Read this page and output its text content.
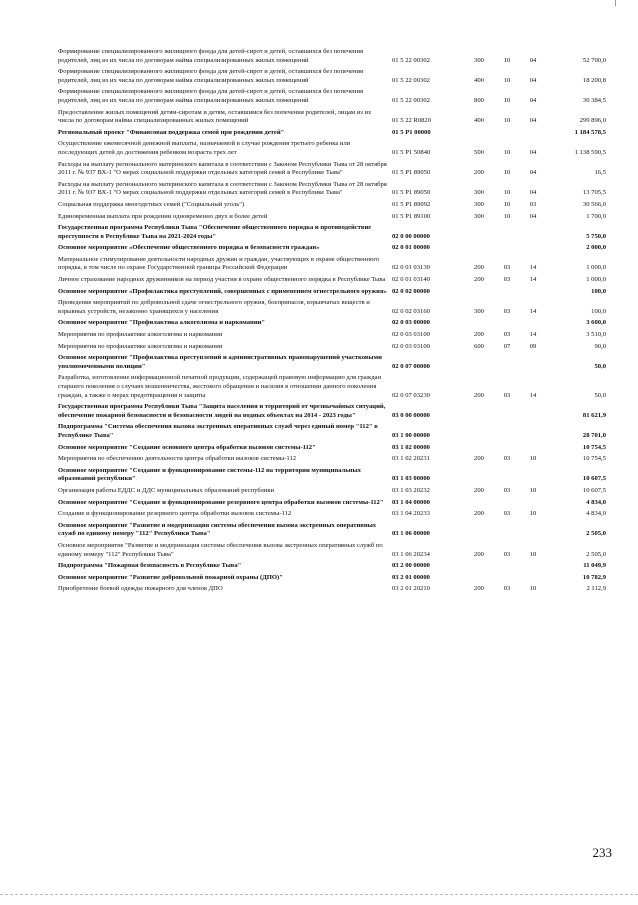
Формирование специализированного жилищного фонда для детей-сирот и детей, оставшихся без попечения родителей, лиц из их числа по договорам найма специализированных жилых помещений	01 5 22 00302	300	10	04	52 700,0
Формирование специализированного жилищного фонда для детей-сирот и детей, оставшихся без попечения родителей, лиц из их числа по договорам найма специализированных жилых помещений	01 5 22 00302	400	10	04	18 200,8
Формирование специализированного жилищного фонда для детей-сирот и детей, оставшихся без попечения родителей, лиц из их числа по договорам найма специализированных жилых помещений	01 5 22 00302	800	10	04	30 384,5
Предоставление жилых помещений детям-сиротам и детям, оставшимся без попечения родителей, лицам из их числа по договорам найма специализированных жилых помещений	01 5 22 R0820	400	10	04	299 896,0
Региональный проект "Финансовая поддержка семей при рождении детей"	01 5 P1 00000	1 184 578,5
Осуществление ежемесячной денежной выплаты, назначаемой в случае рождения третьего ребенка или последующих детей до достижения ребенком возраста трех лет	01 5 P1 50840	500	10	04	1 138 590,5
Расходы на выплату регионального материнского капитала в соответствии с Законом Республики Тыва от 28 октября 2011 г. № 937 ВХ-1 "О мерах социальной поддержки отдельных категорий семей в Республике Тыва"	01 5 P1 89050	200	10	04	16,5
Расходы на выплату регионального материнского капитала в соответствии с Законом Республики Тыва от 28 октября 2011 г. № 937 ВХ-1 "О мерах социальной поддержки отдельных категорий семей в Республике Тыва"	01 5 P1 89050	300	10	04	13 705,5
Социальная поддержка многодетных семей ("Социальный уголь")	01 5 P1 89092	300	10	03	30 566,0
Единовременная выплата при рождении одновременно двух и более детей	01 5 P1 89100	300	10	04	1 700,0
Государственная программа Республики Тыва "Обеспечение общественного порядка и противодействие преступности в Республике Тыва на 2021-2024 годы"	02 0 00 00000	5 750,0
Основное мероприятие «Обеспечение общественного порядка и безопасности граждан»	02 0 01 00000	2 000,0
Материальное стимулирование деятельности народных дружин и граждан, участвующих в охране общественного порядка, в том числе по охране Государственной границы Российской Федерации	02 0 01 03130	200	03	14	1 000,0
Личное страхование народных дружинников на период участия в охране общественного порядка в Республике Тыва	02 0 01 03140	200	03	14	1 000,0
Основное мероприятие «Профилактика преступлений, совершенных с применением огнестрельного оружия» 02 0 02 00000	100,0
Проведение мероприятий по добровольной сдаче огнестрельного оружия, боеприпасов, взрывчатых веществ и взрывных устройств, незаконно хранящихся у населения	02 0 02 03160	300	03	14	100,0
Основное мероприятие "Профилактика алкоголизма и наркомании"	02 0 03 00000	3 600,0
Мероприятия по профилактике алкоголизма и наркомании	02 0 03 03100	200	03	14	3 510,0
Мероприятия по профилактике алкоголизма и наркомании	02 0 03 03100	600	07	09	90,0
Основное мероприятие "Профилактика преступлений и административных правонарушений участковыми уполномоченными полиции"	02 0 07 00000	50,0
Разработка, изготовление информационной печатной продукции, содержащей правовую информацию для граждан старшего поколения о случаях мошенничества, жестокого обращения и насилия в отношении данного поколения граждан, а также о мерах предотвращения и защиты	02 0 07 03230	200	03	14	50,0
Государственная программа Республики Тыва "Защита населения и территорий от чрезвычайных ситуаций, обеспечение пожарной безопасности и безопасности людей на водных объектах на 2014 - 2023 годы"	03 0 00 00000	81 621,9
Подпрограмма "Система обеспечения вызова экстренных оперативных служб через единый номер "112" в Республике Тыва"	03 1 00 00000	28 701,0
Основное мероприятие "Создание основного центра обработки вызовов системы-112"	03 1 02 00000	10 754,5
Мероприятия по обеспечению деятельности центра обработки вызовов системы-112	03 1 02 20231	200	03	10	10 754,5
Основное мероприятие "Создание и функционирование системы-112 на территории муниципальных образований республики"	03 1 03 00000	10 607,5
Организация работы ЕДДС и ДДС муниципальных образований республики	03 1 03 20232	200	03	10	10 607,5
Основное мероприятие "Создание и функционирование резервного центра обработки вызовов системы-112"	03 1 04 00000	4 834,0
Создание и функционирование резервного центра обработки вызовов системы-112	03 1 04 20233	200	03	10	4 834,0
Основное мероприятие "Развитие и модернизация системы обеспечения вызова экстренных оперативных служб по единому номеру "112" Республики Тыва"	03 1 06 00000	2 505,0
Основное мероприятие "Развитие и модернизация системы обеспечения вызова экстренных оперативных служб по единому номеру "112" Республики Тыва"	03 1 06 20234	200	03	10	2 505,0
Подпрограмма "Пожарная безопасность в Республике Тыва"	03 2 00 00000	11 049,9
Основное мероприятие "Развитие добровольной пожарной охраны (ДПО)"	03 2 01 00000	10 782,9
Приобретение боевой одежды пожарного для членов ДПО	03 2 01 20210	200	03	10	2 112,9
233
